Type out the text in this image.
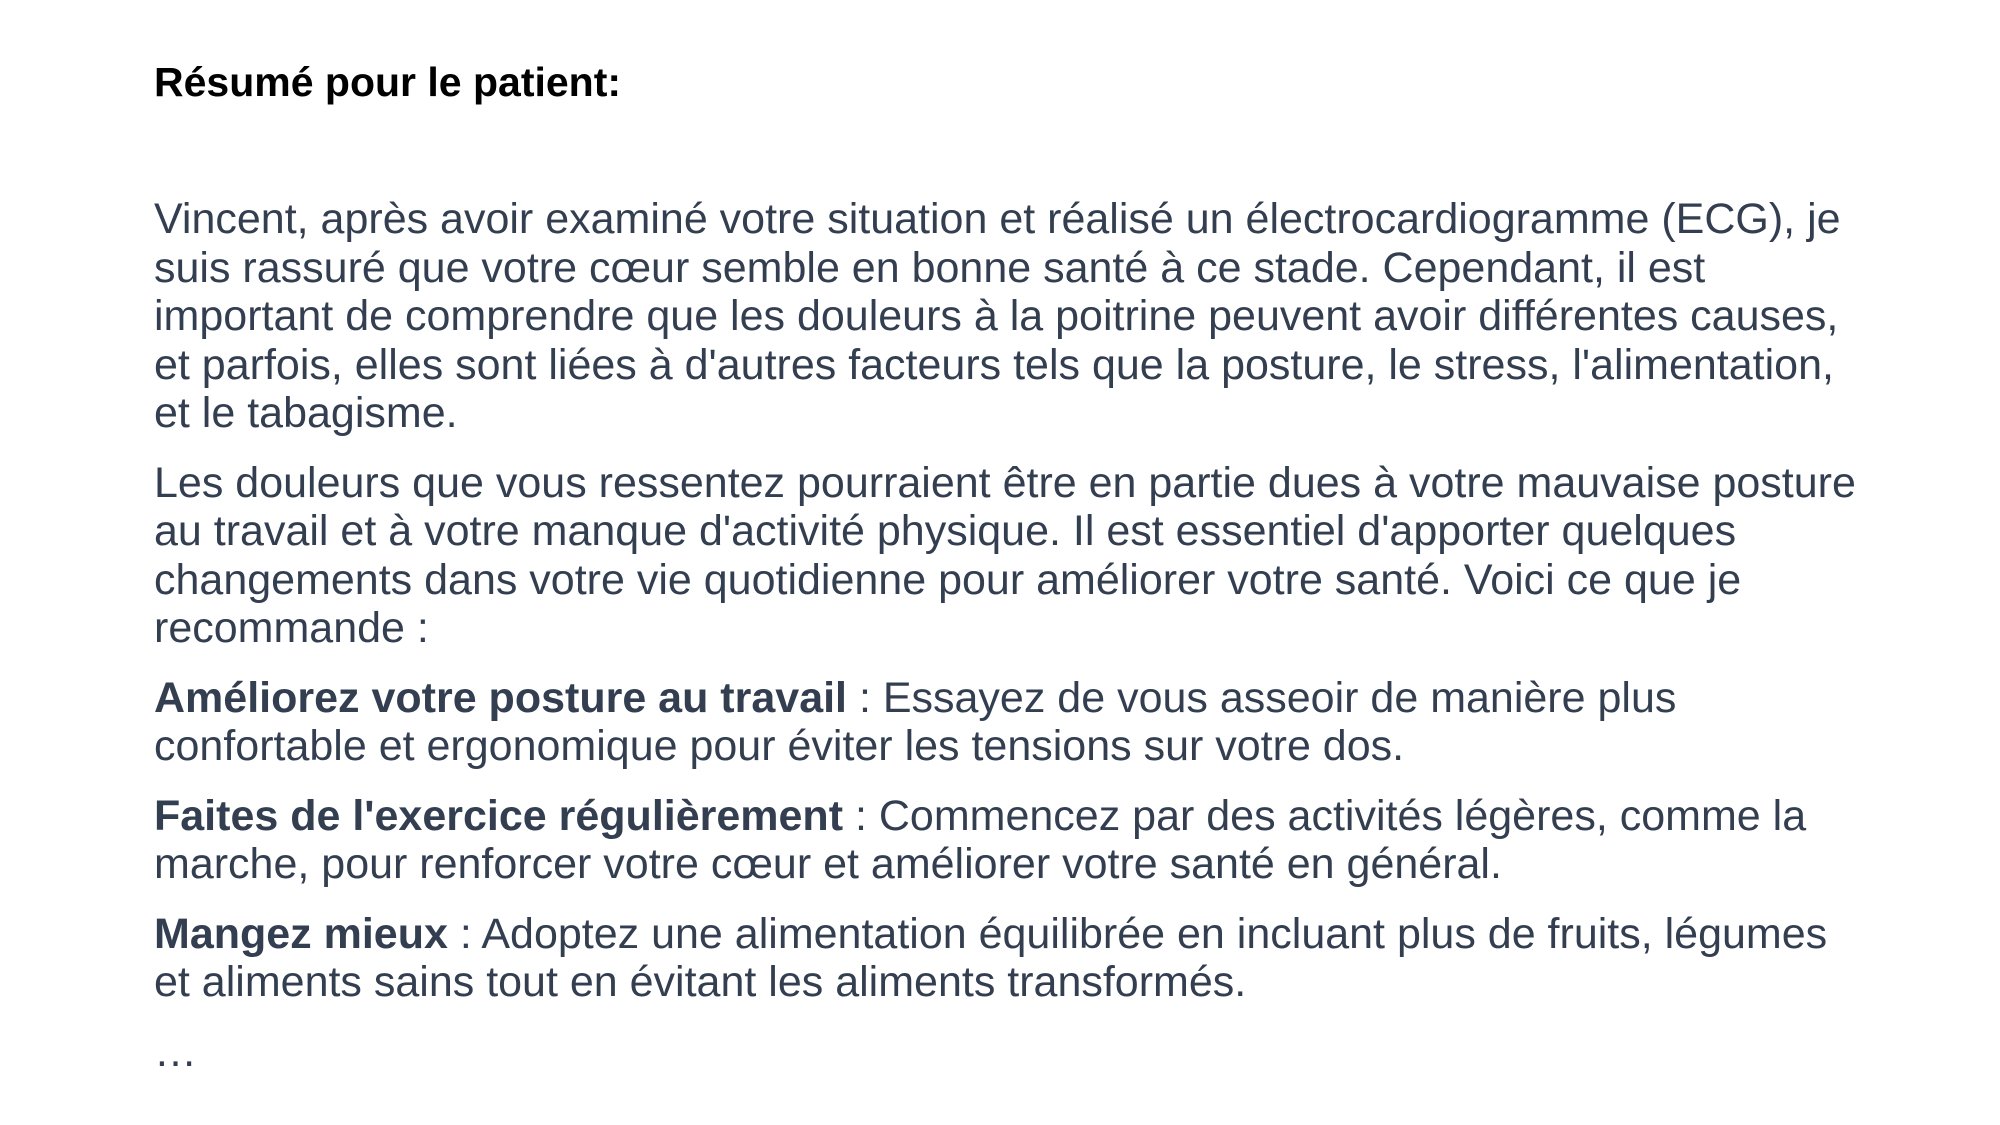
Résumé pour le patient:

Vincent, après avoir examiné votre situation et réalisé un électrocardiogramme (ECG), je suis rassuré que votre cœur semble en bonne santé à ce stade. Cependant, il est important de comprendre que les douleurs à la poitrine peuvent avoir différentes causes, et parfois, elles sont liées à d'autres facteurs tels que la posture, le stress, l'alimentation, et le tabagisme.

Les douleurs que vous ressentez pourraient être en partie dues à votre mauvaise posture au travail et à votre manque d'activité physique. Il est essentiel d'apporter quelques changements dans votre vie quotidienne pour améliorer votre santé. Voici ce que je recommande :

Améliorez votre posture au travail : Essayez de vous asseoir de manière plus confortable et ergonomique pour éviter les tensions sur votre dos.

Faites de l'exercice régulièrement : Commencez par des activités légères, comme la marche, pour renforcer votre cœur et améliorer votre santé en général.

Mangez mieux : Adoptez une alimentation équilibrée en incluant plus de fruits, légumes et aliments sains tout en évitant les aliments transformés.

…
